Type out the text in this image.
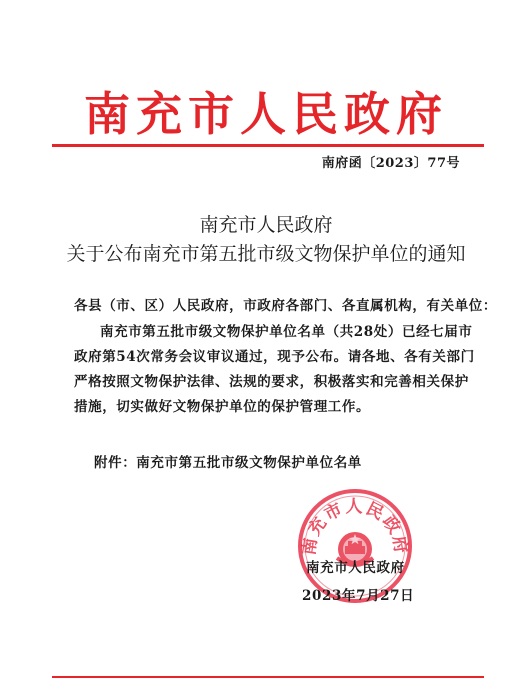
南充市人民政府
南府函〔2023〕77号
南充市人民政府
关于公布南充市第五批市级文物保护单位的通知
各县（市、区）人民政府，市政府各部门、各直属机构，有关单位：
南充市第五批市级文物保护单位名单（共28处）已经七届市
政府第54次常务会议审议通过，现予公布。请各地、各有关部门
严格按照文物保护法律、法规的要求，积极落实和完善相关保护
措施，切实做好文物保护单位的保护管理工作。
附件：南充市第五批市级文物保护单位名单
南充市人民政府
南充市人民政府
2023年7月27日
